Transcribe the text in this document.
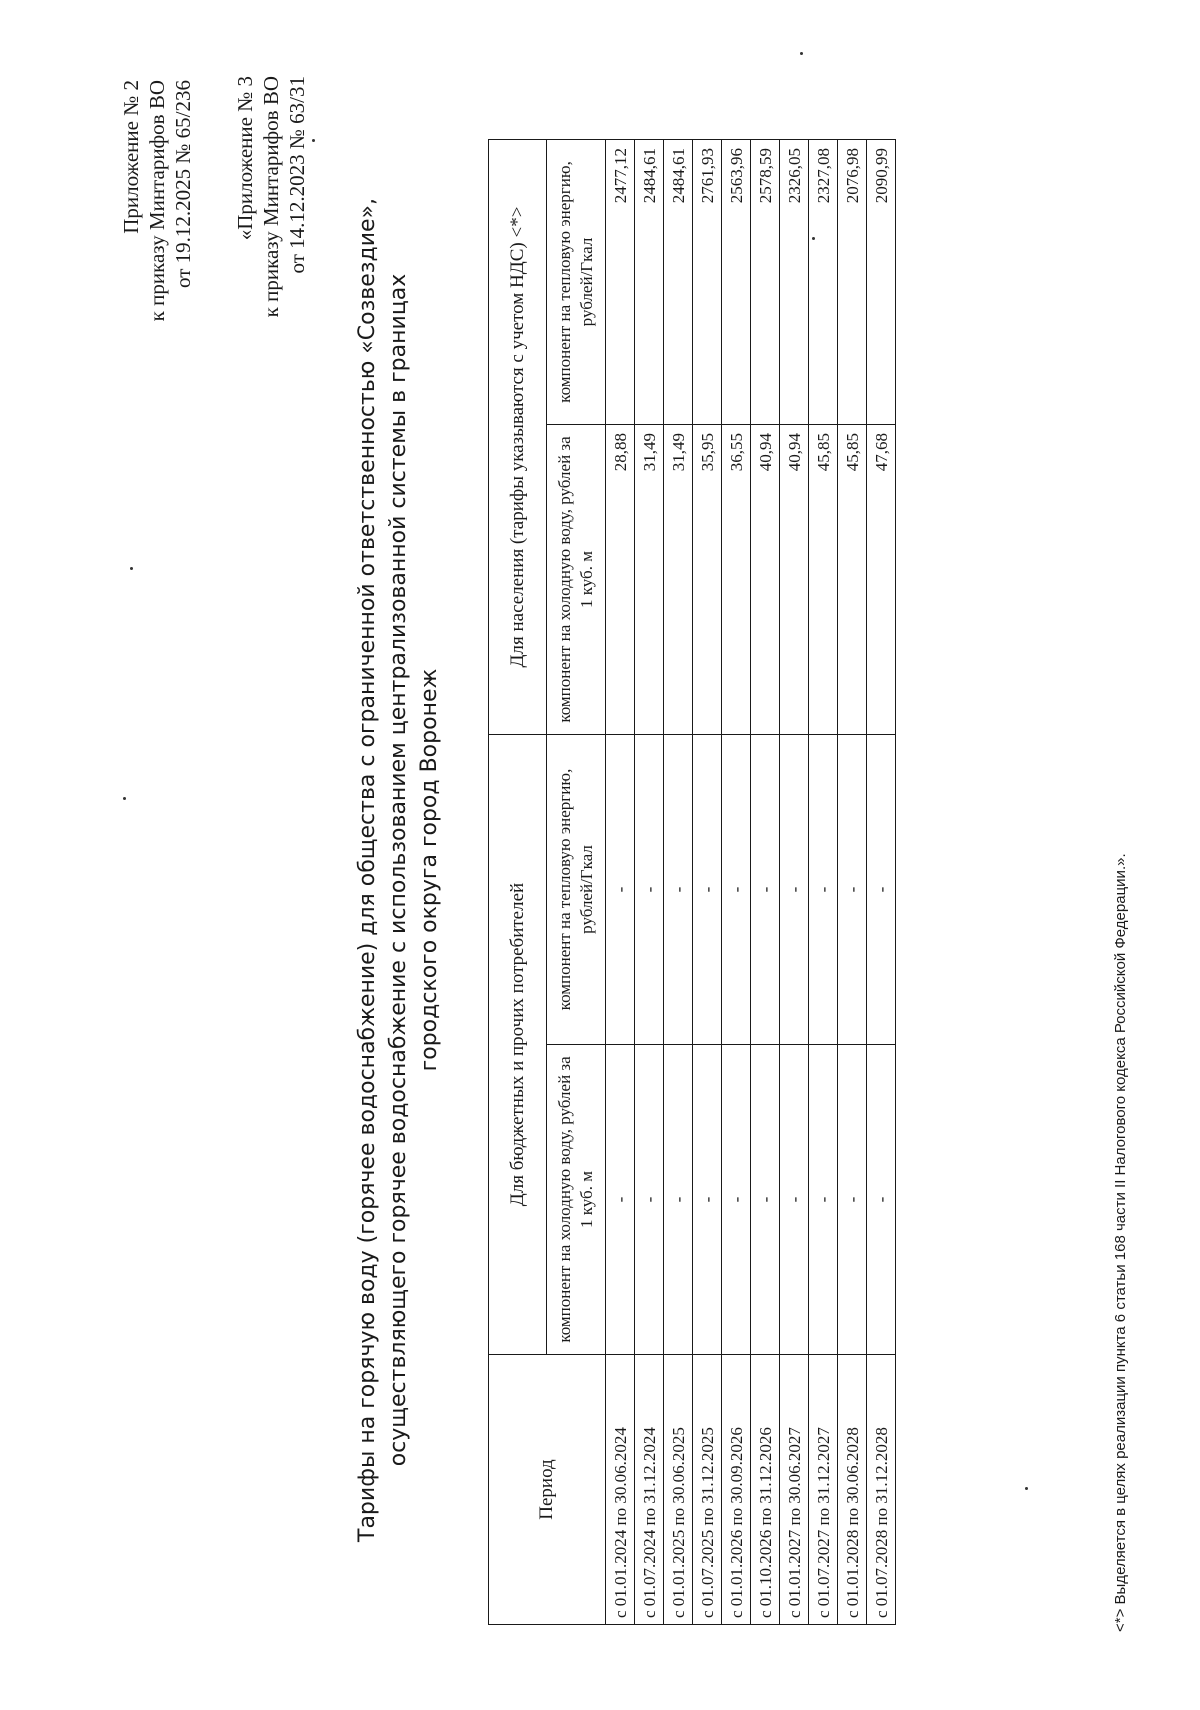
Приложение № 2 к приказу Минтарифов ВО от 19.12.2025 № 65/236 «Приложение № 3 к приказу Минтарифов ВО от 14.12.2023 № 63/31
Тарифы на горячую воду (горячее водоснабжение) для общества с ограниченной ответственностью «Созвездие», осуществляющего горячее водоснабжение с использованием централизованной системы в границах городского округа город Воронеж
Период	Для бюджетных и прочих потребителей		Для населения (тарифы указываются с учетом НДС) <*>	
	компонент на холодную воду, рублей за 1 куб. м	компонент на тепловую энергию, рублей/Гкал	компонент на холодную воду, рублей за 1 куб. м	компонент на тепловую энергию, рублей/Гкал
с 01.01.2024 по 30.06.2024	-	-	28,88	2477,12
с 01.07.2024 по 31.12.2024	-	-	31,49	2484,61
с 01.01.2025 по 30.06.2025	-	-	31,49	2484,61
с 01.07.2025 по 31.12.2025	-	-	35,95	2761,93
с 01.01.2026 по 30.09.2026	-	-	36,55	2563,96
с 01.10.2026 по 31.12.2026	-	-	40,94	2578,59
с 01.01.2027 по 30.06.2027	-	-	40,94	2326,05
с 01.07.2027 по 31.12.2027	-	-	45,85	2327,08
с 01.01.2028 по 30.06.2028	-	-	45,85	2076,98
с 01.07.2028 по 31.12.2028	-	-	47,68	2090,99
<*> Выделяется в целях реализации пункта 6 статьи 168 части II Налогового кодекса Российской Федерации.».
